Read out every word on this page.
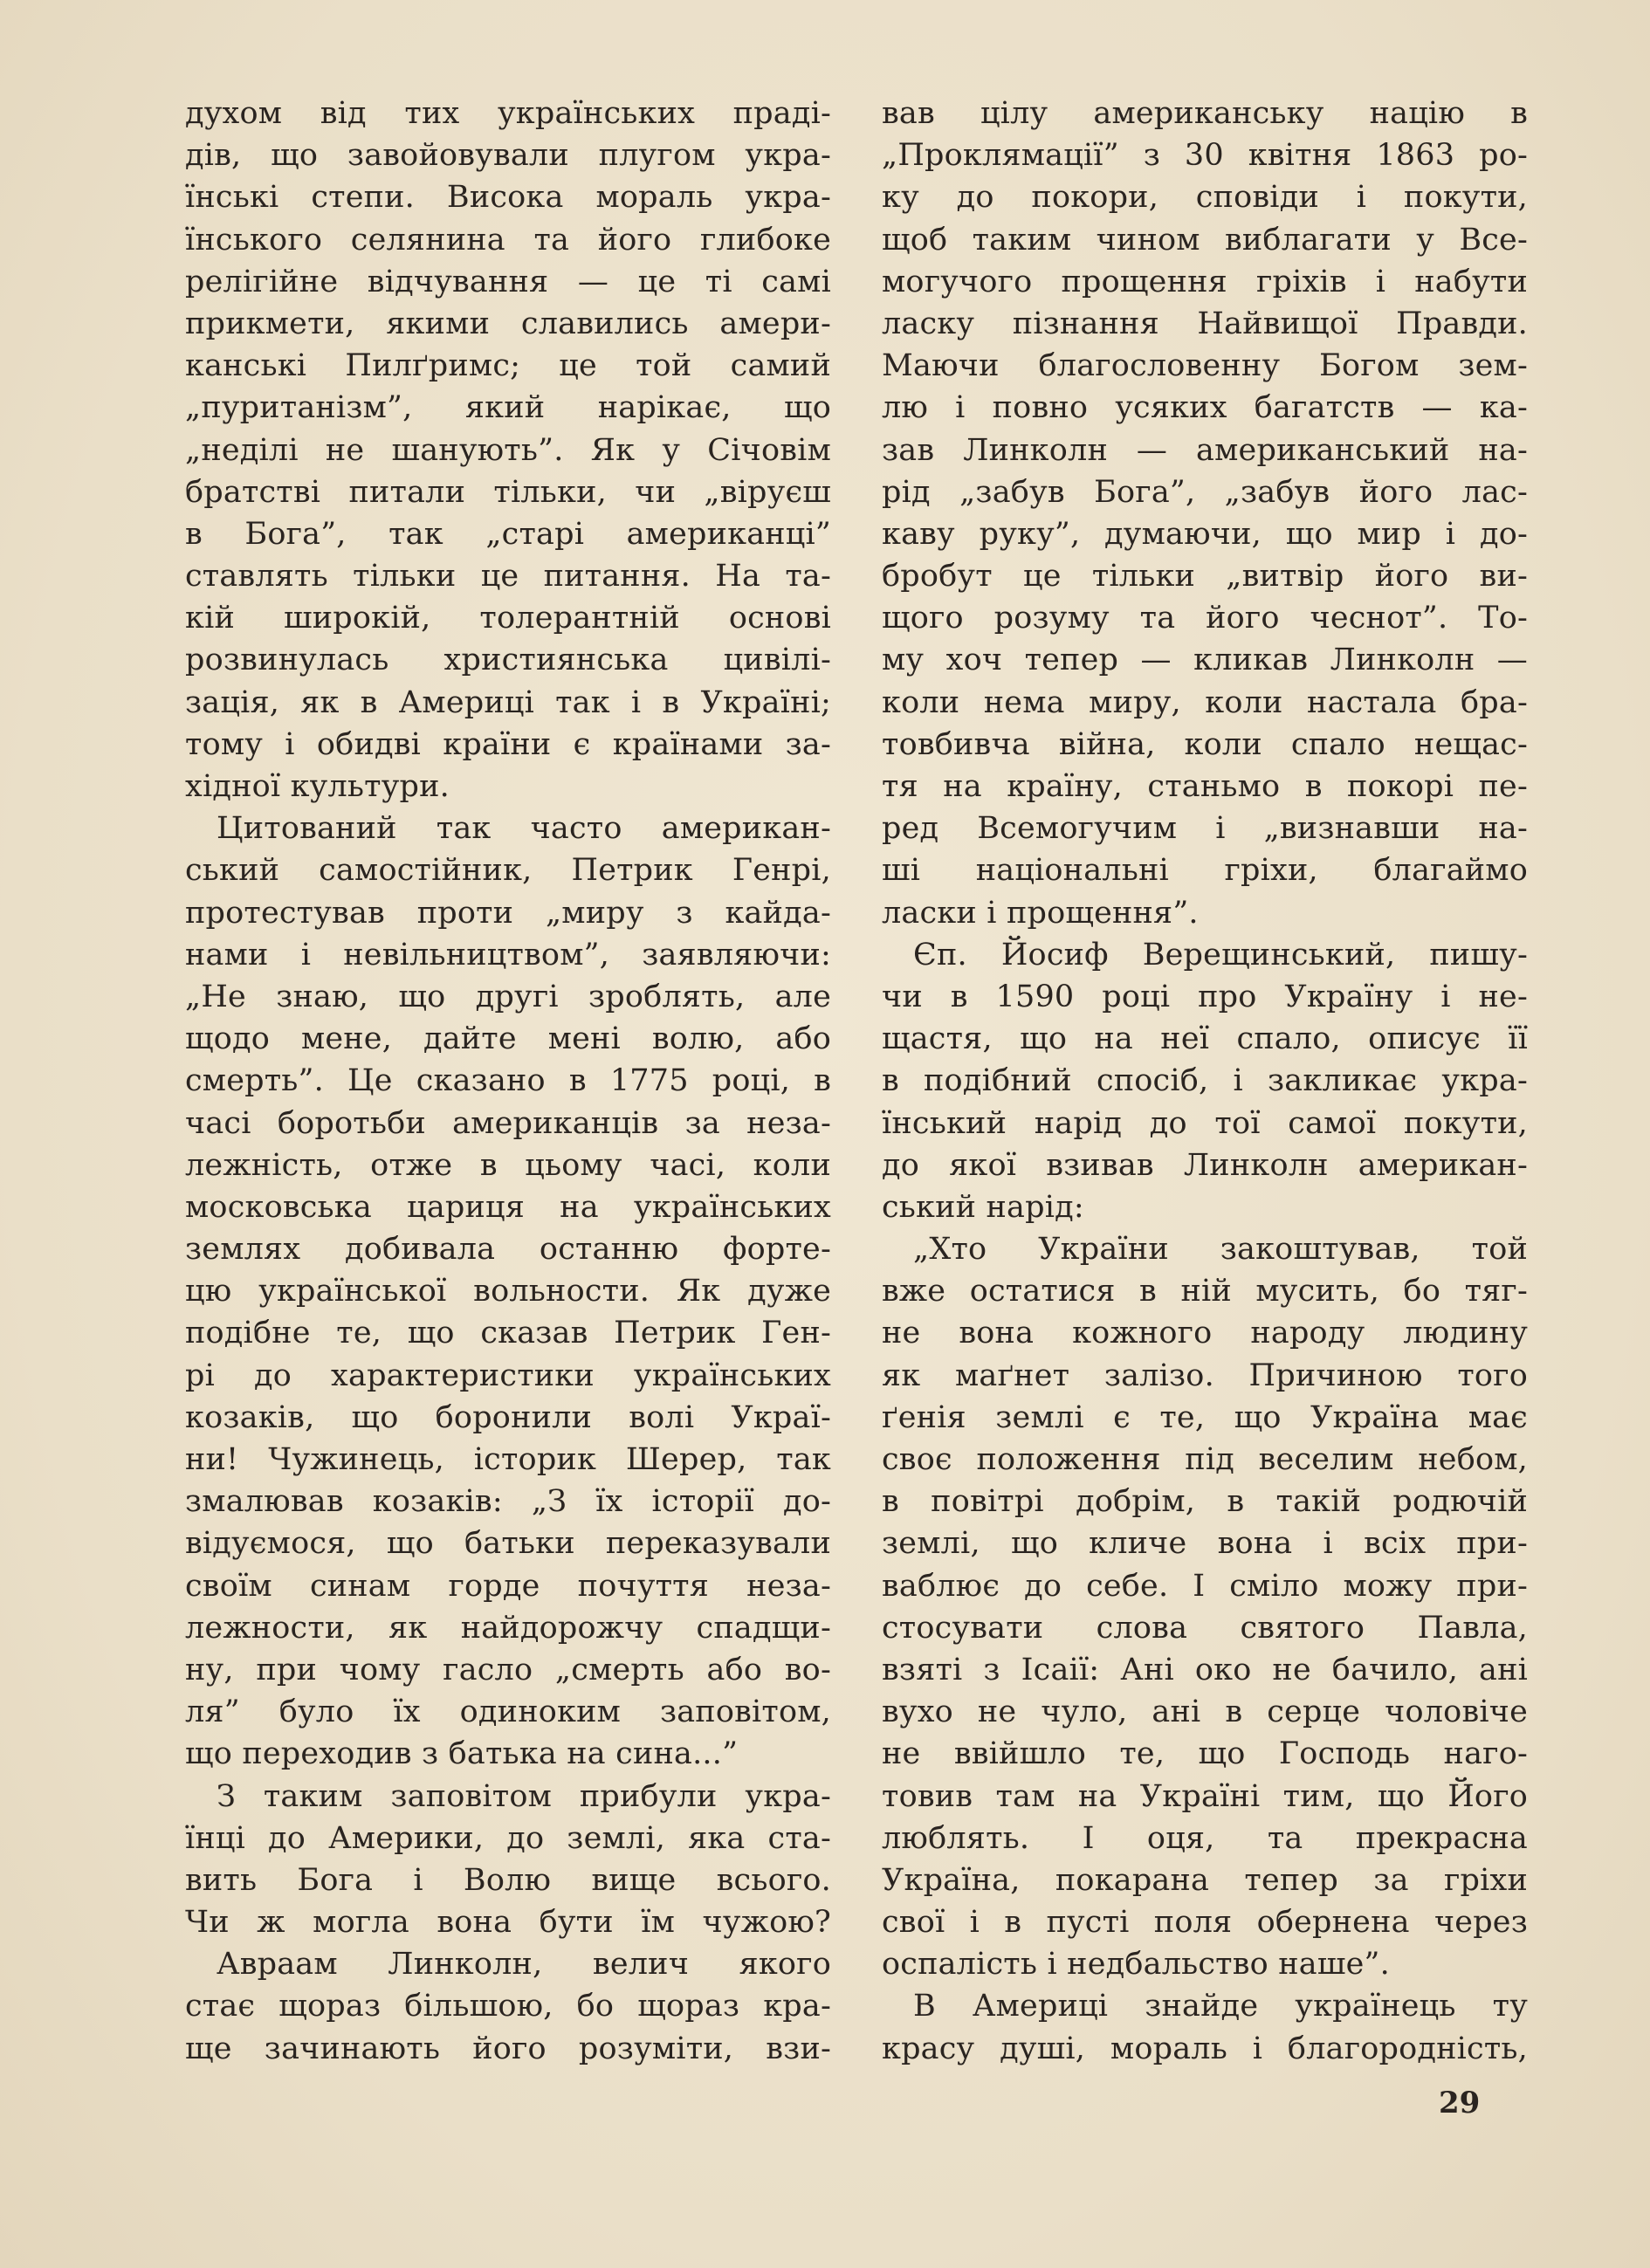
духом від тих українських праді-
дів, що завойовували плугом укра-
їнські степи. Висока мораль укра-
їнського селянина та його глибоке
релігійне відчування — це ті самі
прикмети, якими славились амери-
канські Пилґримс; це той самий
„пуританізм”, який нарікає, що
„неділі не шанують”. Як у Січовім
братстві питали тільки, чи „віруєш
в Бога”, так „старі американці”
ставлять тільки це питання. На та-
кій широкій, толерантній основі
розвинулась християнська цивілі-
зація, як в Америці так і в Україні;
тому і обидві країни є країнами за-
хідної культури.
Цитований так часто американ-
ський самостійник, Петрик Генрі,
протестував проти „миру з кайда-
нами і невільництвом”, заявляючи:
„Не знаю, що другі зроблять, але
щодо мене, дайте мені волю, або
смерть”. Це сказано в 1775 році, в
часі боротьби американців за неза-
лежність, отже в цьому часі, коли
московська цариця на українських
землях добивала останню форте-
цю української вольности. Як дуже
подібне те, що сказав Петрик Ген-
рі до характеристики українських
козаків, що боронили волі Украї-
ни! Чужинець, історик Шерер, так
змалював козаків: „З їх історії до-
відуємося, що батьки переказували
своїм синам горде почуття неза-
лежности, як найдорожчу спадщи-
ну, при чому гасло „смерть або во-
ля” було їх одиноким заповітом,
що переходив з батька на сина...”
З таким заповітом прибули укра-
їнці до Америки, до землі, яка ста-
вить Бога і Волю вище всього.
Чи ж могла вона бути їм чужою?
Авраам Линколн, велич якого
стає щораз більшою, бо щораз кра-
ще зачинають його розуміти, взи-
вав цілу американську націю в
„Проклямації” з 30 квітня 1863 ро-
ку до покори, сповіди і покути,
щоб таким чином виблагати у Все-
могучого прощення гріхів і набути
ласку пізнання Найвищої Правди.
Маючи благословенну Богом зем-
лю і повно усяких багатств — ка-
зав Линколн — американський на-
рід „забув Бога”, „забув його лас-
каву руку”, думаючи, що мир і до-
бробут це тільки „витвір його ви-
щого розуму та його чеснот”. То-
му хоч тепер — кликав Линколн —
коли нема миру, коли настала бра-
товбивча війна, коли спало нещас-
тя на країну, станьмо в покорі пе-
ред Всемогучим і „визнавши на-
ші національні гріхи, благаймо
ласки і прощення”.
Єп. Йосиф Верещинський, пишу-
чи в 1590 році про Україну і не-
щастя, що на неї спало, описує її
в подібний спосіб, і закликає укра-
їнський нарід до тої самої покути,
до якої взивав Линколн американ-
ський нарід:
„Хто України закоштував, той
вже остатися в ній мусить, бо тяг-
не вона кожного народу людину
як маґнет залізо. Причиною того
ґенія землі є те, що Україна має
своє положення під веселим небом,
в повітрі добрім, в такій родючій
землі, що кличе вона і всіх при-
ваблює до себе. І сміло можу при-
стосувати слова святого Павла,
взяті з Ісаії: Ані око не бачило, ані
вухо не чуло, ані в серце чоловіче
не ввійшло те, що Господь наго-
товив там на Україні тим, що Його
люблять. І оця, та прекрасна
Україна, покарана тепер за гріхи
свої і в пусті поля обернена через
оспалість і недбальство наше”.
В Америці знайде українець ту
красу душі, мораль і благородність,
29
